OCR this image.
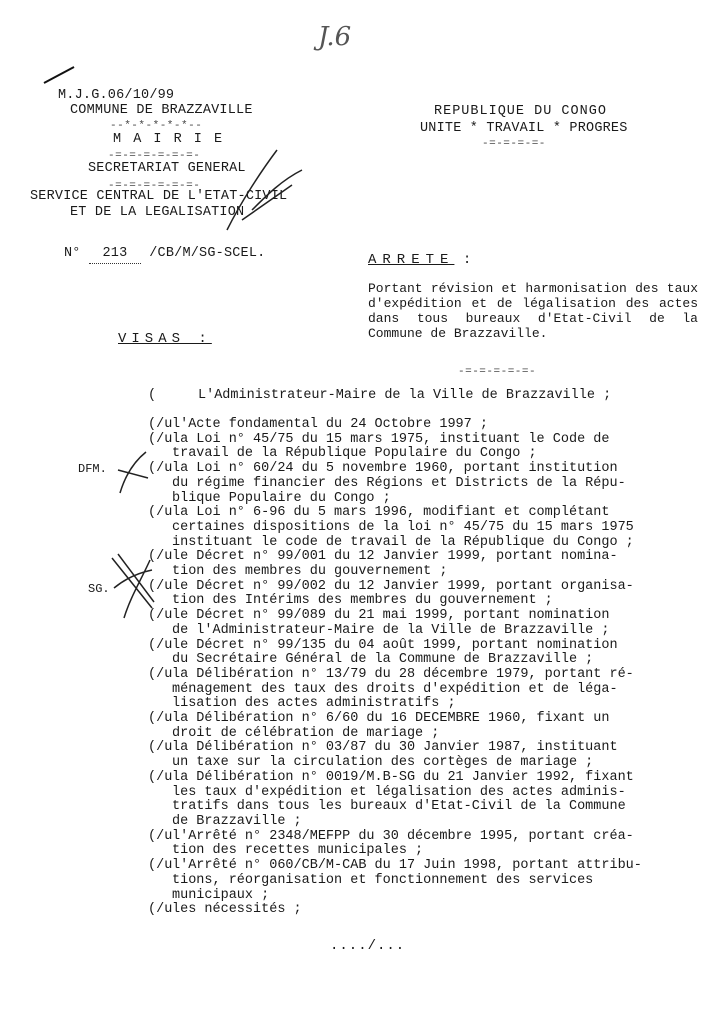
J.6
M.J.G.06/10/99
COMMUNE DE BRAZZAVILLE
--*-*-*-*-*--
M A I R I E
-=-=-=-=-=-=-
SECRETARIAT GENERAL
-=-=-=-=-=-=-
SERVICE CENTRAL DE L'ETAT-CIVIL
ET DE LA LEGALISATION
N° 213 /CB/M/SG-SCEL.
REPUBLIQUE DU CONGO
UNITE * TRAVAIL * PROGRES
-=-=-=-=-
ARRETE :
Portant révision et harmonisation des taux d'expédition et de légalisation des actes dans tous bureaux d'Etat-Civil de la Commune de Brazzaville.
-=-=-=-=-=-
VISAS :
(	L'Administrateur-Maire de la Ville de Brazzaville ;
DFM.
SG.
(/ul'Acte fondamental du 24 Octobre 1997 ;
(/ula Loi n° 45/75 du 15 mars 1975, instituant le Code de
travail de la République Populaire du Congo ;
(/ula Loi n° 60/24 du 5 novembre 1960, portant institution
du régime financier des Régions et Districts de la Répu-
blique Populaire du Congo ;
(/ula Loi n° 6-96 du 5 mars 1996, modifiant et complétant
certaines dispositions de la loi n° 45/75 du 15 mars 1975
instituant le code de travail de la République du Congo ;
(/ule Décret n° 99/001 du 12 Janvier 1999, portant nomina-
tion des membres du gouvernement ;
(/ule Décret n° 99/002 du 12 Janvier 1999, portant organisa-
tion des Intérims des membres du gouvernement ;
(/ule Décret n° 99/089 du 21 mai 1999, portant nomination
de l'Administrateur-Maire de la Ville de Brazzaville ;
(/ule Décret n° 99/135 du 04 août 1999, portant nomination
du Secrétaire Général de la Commune de Brazzaville ;
(/ula Délibération n° 13/79 du 28 décembre 1979, portant ré-
ménagement des taux des droits d'expédition et de léga-
lisation des actes administratifs ;
(/ula Délibération n° 6/60 du 16 DECEMBRE 1960, fixant un
droit de célébration de mariage ;
(/ula Délibération n° 03/87 du 30 Janvier 1987, instituant
un taxe sur la circulation des cortèges de mariage ;
(/ula Délibération n° 0019/M.B-SG du 21 Janvier 1992, fixant
les taux d'expédition et légalisation des actes adminis-
tratifs dans tous les bureaux d'Etat-Civil de la Commune
de Brazzaville ;
(/ul'Arrêté n° 2348/MEFPP du 30 décembre 1995, portant créa-
tion des recettes municipales ;
(/ul'Arrêté n° 060/CB/M-CAB du 17 Juin 1998, portant attribu-
tions, réorganisation et fonctionnement des services
municipaux ;
(/ules nécessités ;
..../...
